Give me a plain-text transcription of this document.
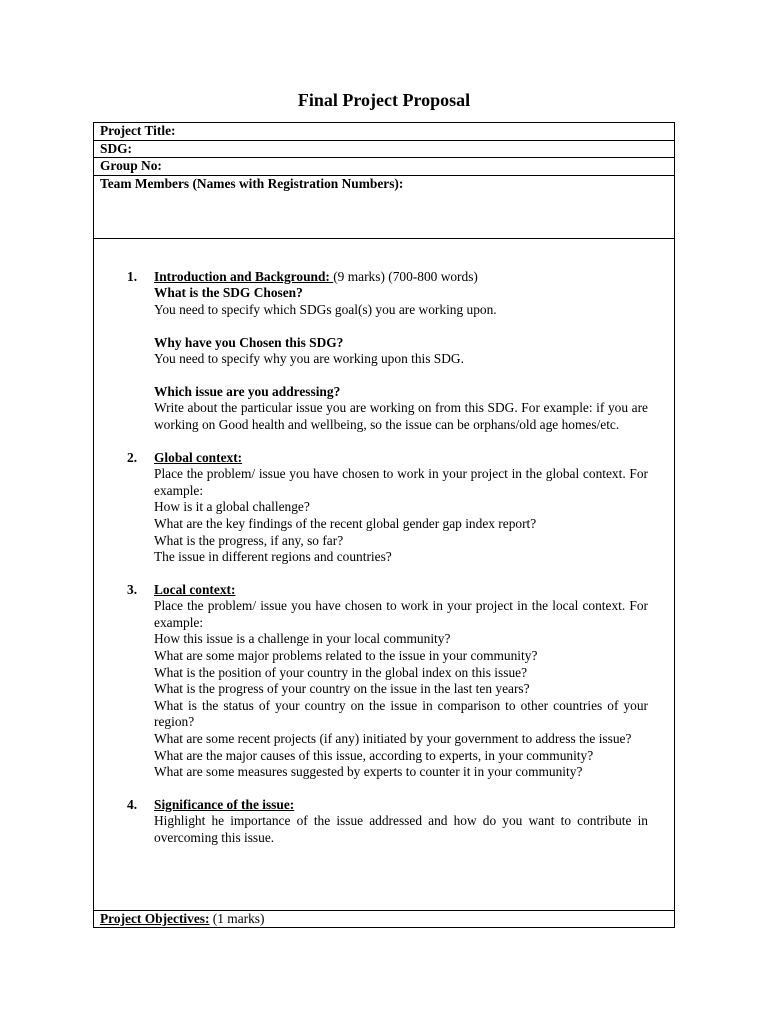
Final Project Proposal
Project Title:
SDG:
Group No:
Team Members (Names with Registration Numbers):

1.	Introduction and Background: (9 marks) (700-800 words)
What is the SDG Chosen?
You need to specify which SDGs goal(s) you are working upon.
Why have you Chosen this SDG?
You need to specify why you are working upon this SDG.
Which issue are you addressing?
Write about the particular issue you are working on from this SDG. For example: if you are working on Good health and wellbeing, so the issue can be orphans/old age homes/etc.
2.	Global context:
Place the problem/ issue you have chosen to work in your project in the global context. For example:
How is it a global challenge?
What are the key findings of the recent global gender gap index report?
What is the progress, if any, so far?
The issue in different regions and countries?
3.	Local context:
Place the problem/ issue you have chosen to work in your project in the local context. For example:
How this issue is a challenge in your local community?
What are some major problems related to the issue in your community?
What is the position of your country in the global index on this issue?
What is the progress of your country on the issue in the last ten years?
What is the status of your country on the issue in comparison to other countries of your region?
What are some recent projects (if any) initiated by your government to address the issue?
What are the major causes of this issue, according to experts, in your community?
What are some measures suggested by experts to counter it in your community?
4.	Significance of the issue:
Highlight he importance of the issue addressed and how do you want to contribute in overcoming this issue.

Project Objectives: (1 marks)
